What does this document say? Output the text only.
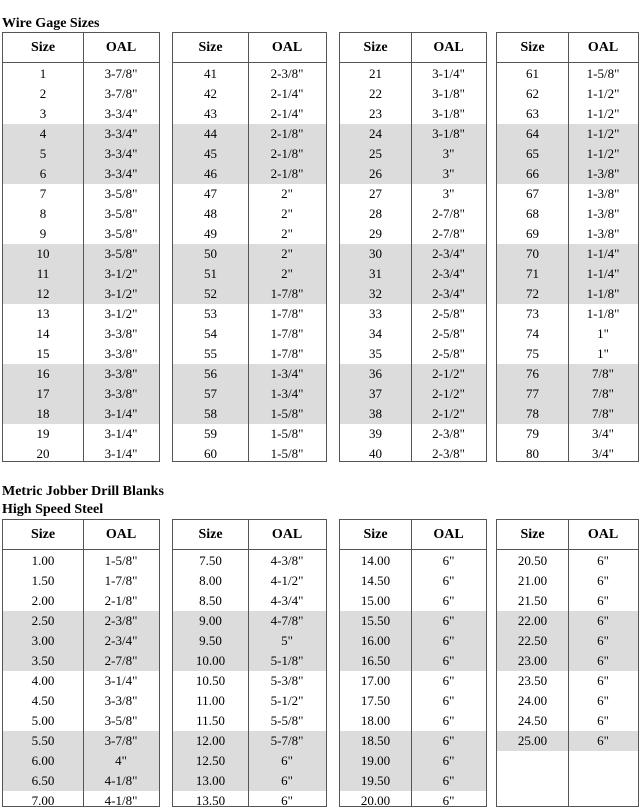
Wire Gage Sizes
Size	OAL
1	3-7/8"
2	3-7/8"
3	3-3/4"
4	3-3/4"
5	3-3/4"
6	3-3/4"
7	3-5/8"
8	3-5/8"
9	3-5/8"
10	3-5/8"
11	3-1/2"
12	3-1/2"
13	3-1/2"
14	3-3/8"
15	3-3/8"
16	3-3/8"
17	3-3/8"
18	3-1/4"
19	3-1/4"
20	3-1/4"
Size	OAL
41	2-3/8"
42	2-1/4"
43	2-1/4"
44	2-1/8"
45	2-1/8"
46	2-1/8"
47	2"
48	2"
49	2"
50	2"
51	2"
52	1-7/8"
53	1-7/8"
54	1-7/8"
55	1-7/8"
56	1-3/4"
57	1-3/4"
58	1-5/8"
59	1-5/8"
60	1-5/8"
Size	OAL
21	3-1/4"
22	3-1/8"
23	3-1/8"
24	3-1/8"
25	3"
26	3"
27	3"
28	2-7/8"
29	2-7/8"
30	2-3/4"
31	2-3/4"
32	2-3/4"
33	2-5/8"
34	2-5/8"
35	2-5/8"
36	2-1/2"
37	2-1/2"
38	2-1/2"
39	2-3/8"
40	2-3/8"
Size	OAL
61	1-5/8"
62	1-1/2"
63	1-1/2"
64	1-1/2"
65	1-1/2"
66	1-3/8"
67	1-3/8"
68	1-3/8"
69	1-3/8"
70	1-1/4"
71	1-1/4"
72	1-1/8"
73	1-1/8"
74	1"
75	1"
76	7/8"
77	7/8"
78	7/8"
79	3/4"
80	3/4"
Metric Jobber Drill Blanks
High Speed Steel
Size	OAL
1.00	1-5/8"
1.50	1-7/8"
2.00	2-1/8"
2.50	2-3/8"
3.00	2-3/4"
3.50	2-7/8"
4.00	3-1/4"
4.50	3-3/8"
5.00	3-5/8"
5.50	3-7/8"
6.00	4"
6.50	4-1/8"
7.00	4-1/8"
Size	OAL
7.50	4-3/8"
8.00	4-1/2"
8.50	4-3/4"
9.00	4-7/8"
9.50	5"
10.00	5-1/8"
10.50	5-3/8"
11.00	5-1/2"
11.50	5-5/8"
12.00	5-7/8"
12.50	6"
13.00	6"
13.50	6"
Size	OAL
14.00	6"
14.50	6"
15.00	6"
15.50	6"
16.00	6"
16.50	6"
17.00	6"
17.50	6"
18.00	6"
18.50	6"
19.00	6"
19.50	6"
20.00	6"
Size	OAL
20.50	6"
21.00	6"
21.50	6"
22.00	6"
22.50	6"
23.00	6"
23.50	6"
24.00	6"
24.50	6"
25.00	6"
